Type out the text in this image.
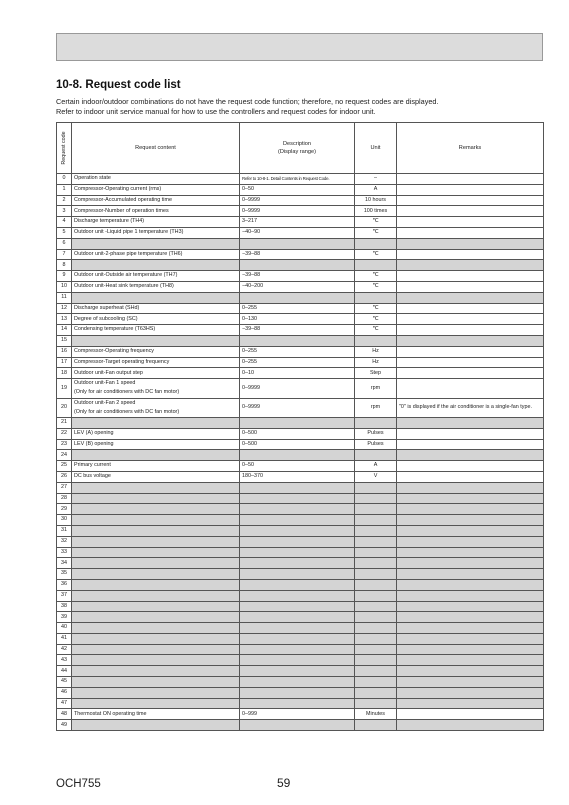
10-8. Request code list
Certain indoor/outdoor combinations do not have the request code function; therefore, no request codes are displayed.
Refer to indoor unit service manual for how to use the controllers and request codes for indoor unit.
Request code	Request content	Description
(Display range)	Unit	Remarks
0	Operation state	Refer to 10-8-1. Detail Contents in Request Code.	–	
1	Compressor-Operating current (rms)	0–50	A	
2	Compressor-Accumulated operating time	0–9999	10 hours	
3	Compressor-Number of operation times	0–9999	100 times	
4	Discharge temperature (TH4)	3–217	℃	
5	Outdoor unit -Liquid pipe 1 temperature (TH3)	−40–90	℃	
6				
7	Outdoor unit-2-phase pipe temperature (TH6)	−39–88	℃	
8				
9	Outdoor unit-Outside air temperature (TH7)	−39–88	℃	
10	Outdoor unit-Heat sink temperature (TH8)	−40–200	℃	
11				
12	Discharge superheat (SHd)	0–255	℃	
13	Degree of subcooling (SC)	0–130	℃	
14	Condensing temperature (T63HS)	−39–88	℃	
15				
16	Compressor-Operating frequency	0–255	Hz	
17	Compressor-Target operating frequency	0–255	Hz	
18	Outdoor unit-Fan output step	0–10	Step	
19	Outdoor unit-Fan 1 speed
(Only for air conditioners with DC fan motor)	0–9999	rpm	
20	Outdoor unit-Fan 2 speed
(Only for air conditioners with DC fan motor)	0–9999	rpm	"0" is displayed if the air conditioner is a single-fan type.
21				
22	LEV (A) opening	0–500	Pulses	
23	LEV (B) opening	0–500	Pulses	
24				
25	Primary current	0–50	A	
26	DC bus voltage	180–370	V	
27				
28				
29				
30				
31				
32				
33				
34				
35				
36				
37				
38				
39				
40				
41				
42				
43				
44				
45				
46				
47				
48	Thermostat ON operating time	0–999	Minutes	
49				
OCH755	59
